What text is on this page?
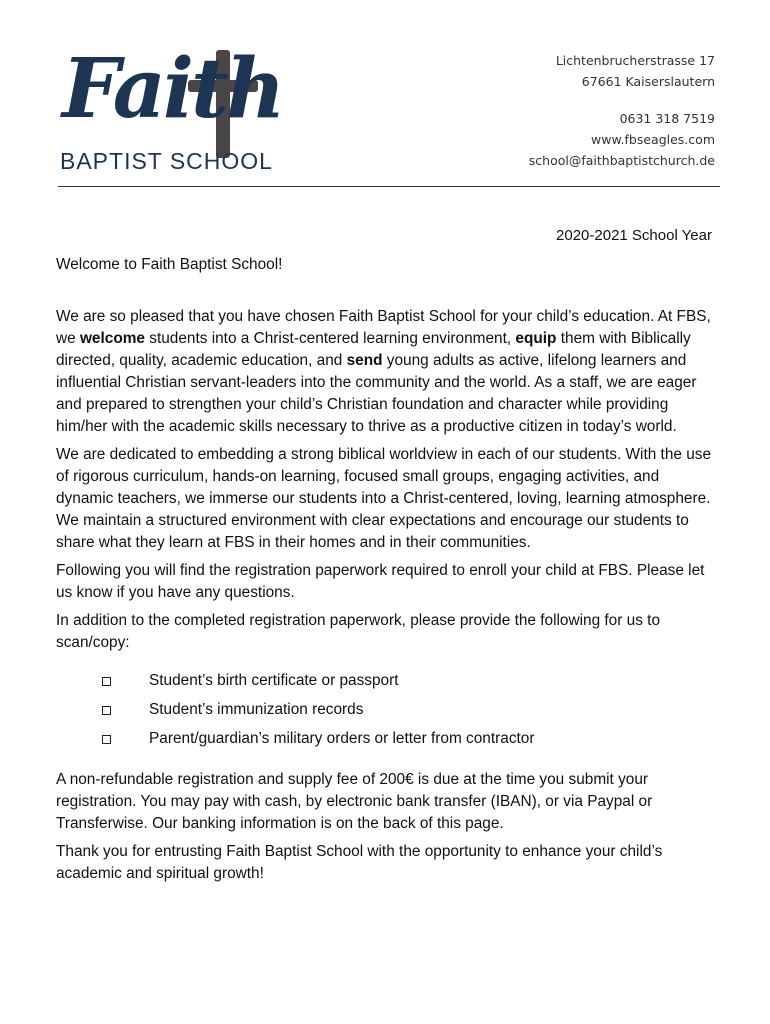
Faith
BAPTIST SCHOOL
Lichtenbrucherstrasse 17
67661 Kaiserslautern
0631 318 7519
www.fbseagles.com
school@faithbaptistchurch.de
2020-2021 School Year

Welcome to Faith Baptist School!

We are so pleased that you have chosen Faith Baptist School for your child’s education. At FBS, we welcome students into a Christ-centered learning environment, equip them with Biblically directed, quality, academic education, and send young adults as active, lifelong learners and influential Christian servant-leaders into the community and the world. As a staff, we are eager and prepared to strengthen your child’s Christian foundation and character while providing him/her with the academic skills necessary to thrive as a productive citizen in today’s world.

We are dedicated to embedding a strong biblical worldview in each of our students. With the use of rigorous curriculum, hands-on learning, focused small groups, engaging activities, and dynamic teachers, we immerse our students into a Christ-centered, loving, learning atmosphere. We maintain a structured environment with clear expectations and encourage our students to share what they learn at FBS in their homes and in their communities.

Following you will find the registration paperwork required to enroll your child at FBS. Please let us know if you have any questions.

In addition to the completed registration paperwork, please provide the following for us to scan/copy:

Student’s birth certificate or passport
Student’s immunization records
Parent/guardian’s military orders or letter from contractor

A non-refundable registration and supply fee of 200€ is due at the time you submit your registration. You may pay with cash, by electronic bank transfer (IBAN), or via Paypal or Transferwise. Our banking information is on the back of this page.

Thank you for entrusting Faith Baptist School with the opportunity to enhance your child’s academic and spiritual growth!
